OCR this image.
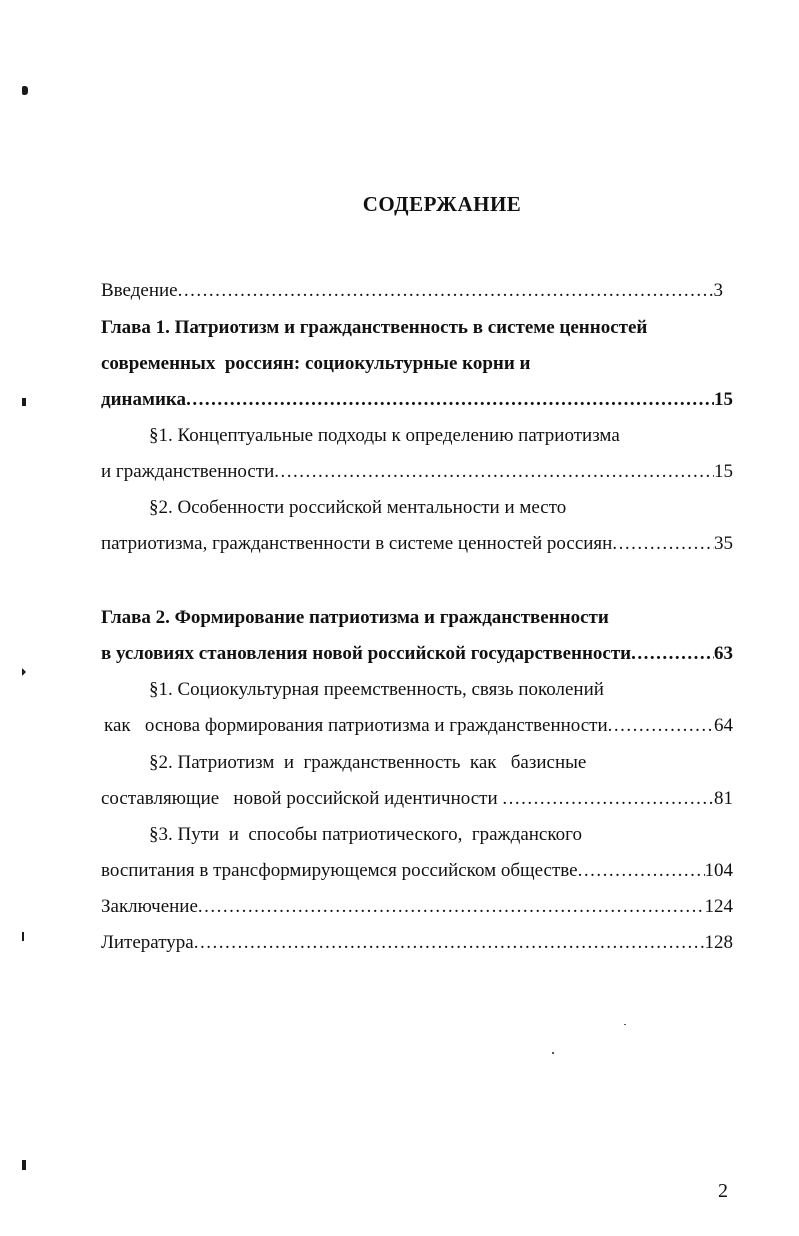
СОДЕРЖАНИЕ
Введение .....	3
Глава 1. Патриотизм и гражданственность в системе ценностей
современных  россиян: социокультурные корни и
динамика .....	15
§1. Концептуальные подходы к определению патриотизма
и гражданственности .....	15
§2. Особенности российской ментальности и место
патриотизма, гражданственности в системе ценностей россиян .....	35
Глава 2. Формирование патриотизма и гражданственности
в условиях становления новой российской государственности .....	63
§1. Социокультурная преемственность, связь поколений
как   основа формирования патриотизма и гражданственности .....	64
§2. Патриотизм  и  гражданственность  как   базисные
составляющие   новой российской идентичности .....	81
§3. Пути  и  способы патриотического,  гражданского
воспитания в трансформирующемся российском обществе .....	104
Заключение .....	124
Литература .....	128
2
